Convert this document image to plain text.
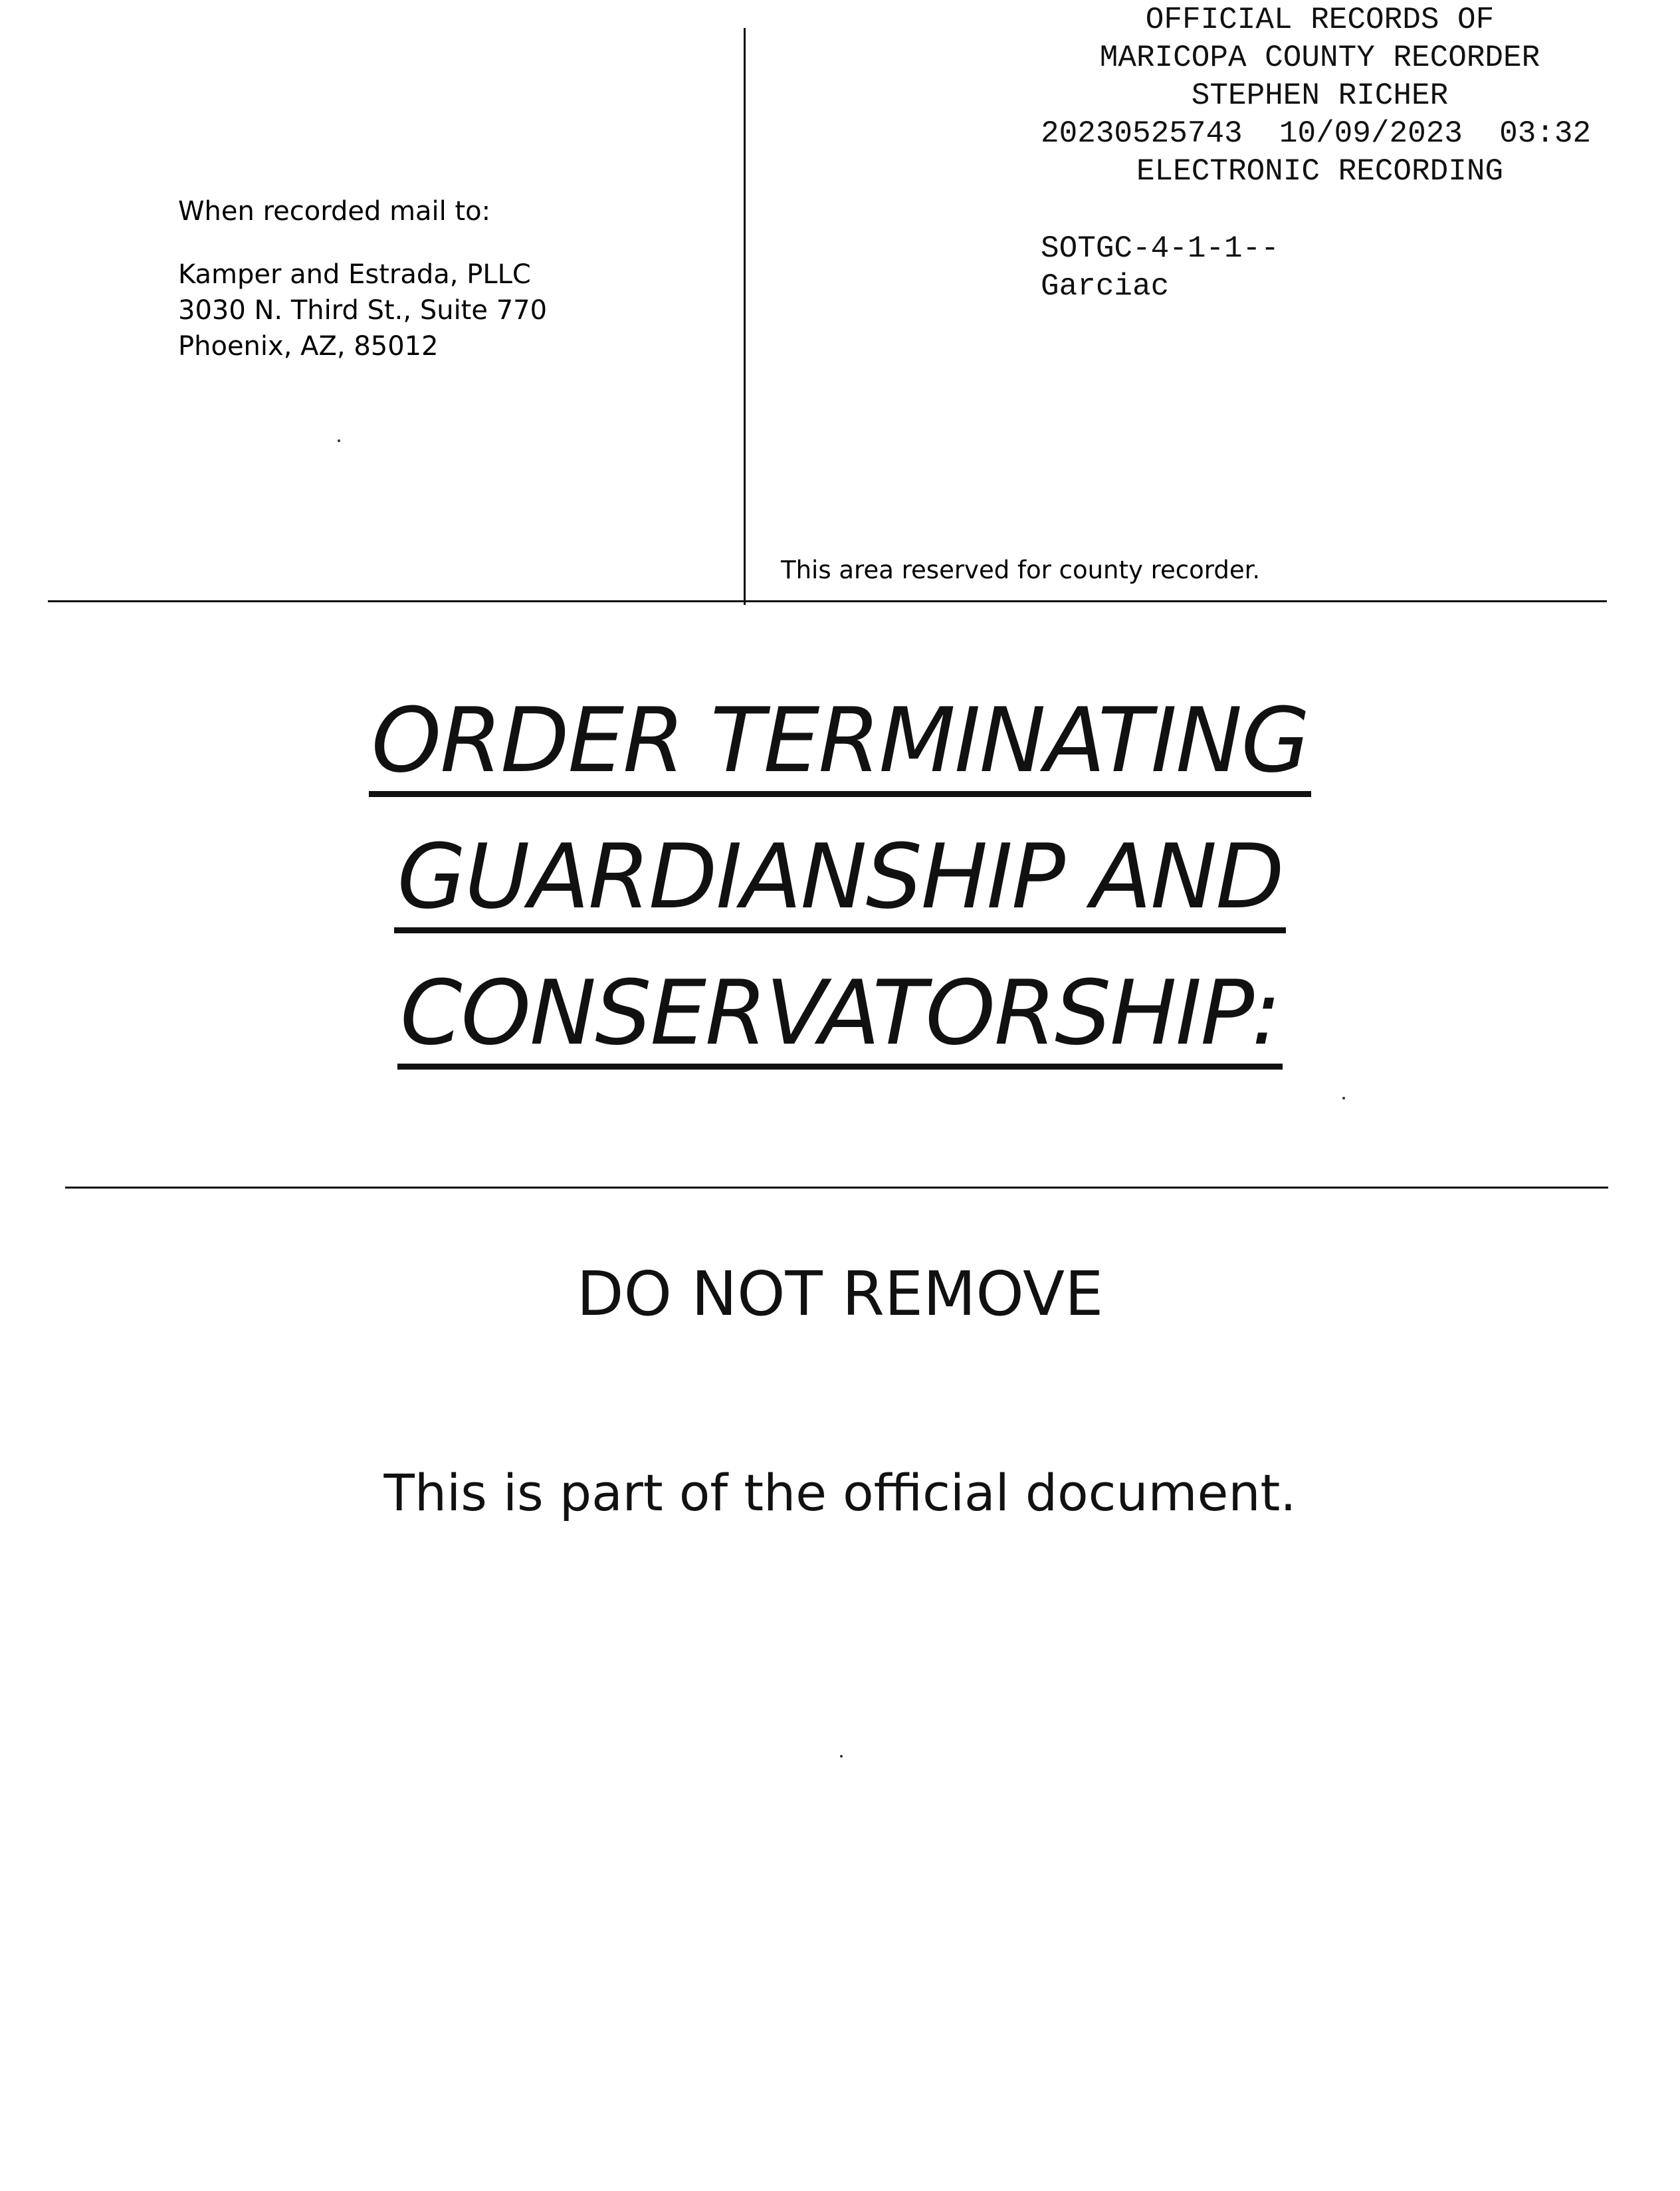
OFFICIAL RECORDS OF
MARICOPA COUNTY RECORDER
STEPHEN RICHER
20230525743  10/09/2023  03:32
ELECTRONIC RECORDING
SOTGC-4-1-1--
Garciac
When recorded mail to:
Kamper and Estrada, PLLC
3030 N. Third St., Suite 770
Phoenix, AZ, 85012
This area reserved for county recorder.
ORDER TERMINATING
GUARDIANSHIP AND
CONSERVATORSHIP:
DO NOT REMOVE
This is part of the official document.
